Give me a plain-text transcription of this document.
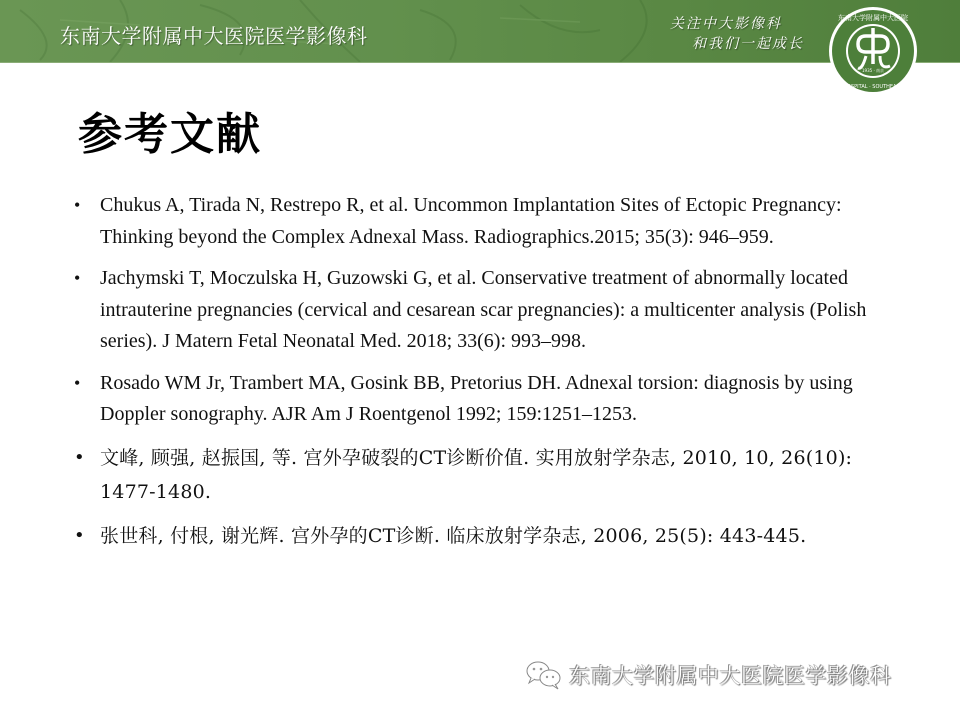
东南大学附属中大医院医学影像科	关注中大影像科
和我们一起成长
东南大学附属中大医院
HOSPITAL · SOUTHEAST
1935 · 南京
参考文献
• Chukus A, Tirada N, Restrepo R, et al. Uncommon Implantation Sites of Ectopic Pregnancy: Thinking beyond the Complex Adnexal Mass. Radiographics.2015; 35(3): 946–959.
• Jachymski T, Moczulska H, Guzowski G, et al. Conservative treatment of abnormally located intrauterine pregnancies (cervical and cesarean scar pregnancies): a multicenter analysis (Polish series). J Matern Fetal Neonatal Med. 2018; 33(6): 993–998.
• Rosado WM Jr, Trambert MA, Gosink BB, Pretorius DH. Adnexal torsion: diagnosis by using Doppler sonography. AJR Am J Roentgenol 1992; 159:1251–1253.
• 文峰, 顾强, 赵振国, 等. 宫外孕破裂的CT诊断价值. 实用放射学杂志, 2010, 10, 26(10): 1477-1480.
• 张世科, 付根, 谢光辉. 宫外孕的CT诊断. 临床放射学杂志, 2006, 25(5): 443-445.
东南大学附属中大医院医学影像科
